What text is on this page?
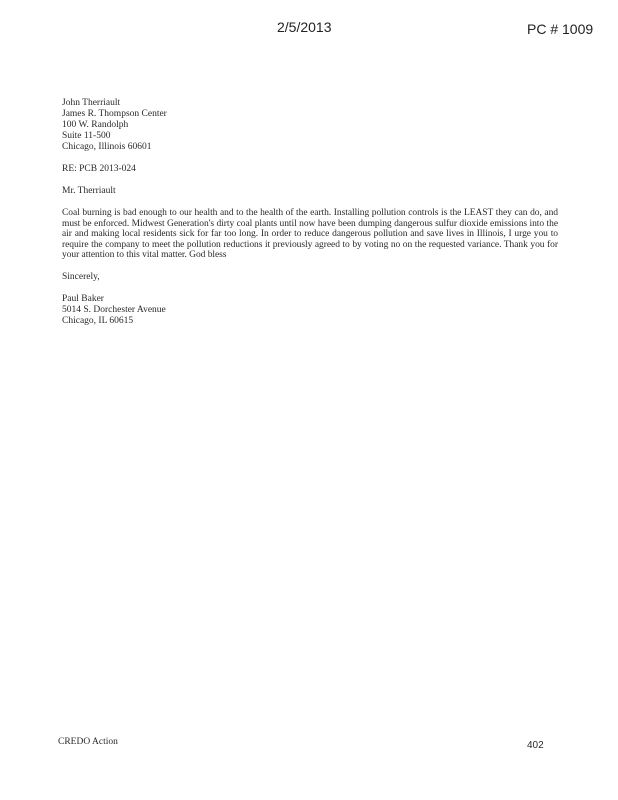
2/5/2013	PC # 1009
John Therriault
James R. Thompson Center
100 W. Randolph
Suite 11-500
Chicago, Illinois 60601
RE: PCB 2013-024
Mr. Therriault
Coal burning is bad enough to our health and to the health of the earth. Installing pollution controls is the LEAST they can do, and must be enforced. Midwest Generation's dirty coal plants until now have been dumping dangerous sulfur dioxide emissions into the air and making local residents sick for far too long. In order to reduce dangerous pollution and save lives in Illinois, I urge you to require the company to meet the pollution reductions it previously agreed to by voting no on the requested variance. Thank you for your attention to this vital matter. God bless
Sincerely,
Paul Baker
5014 S. Dorchester Avenue
Chicago, IL 60615
CREDO Action	402
